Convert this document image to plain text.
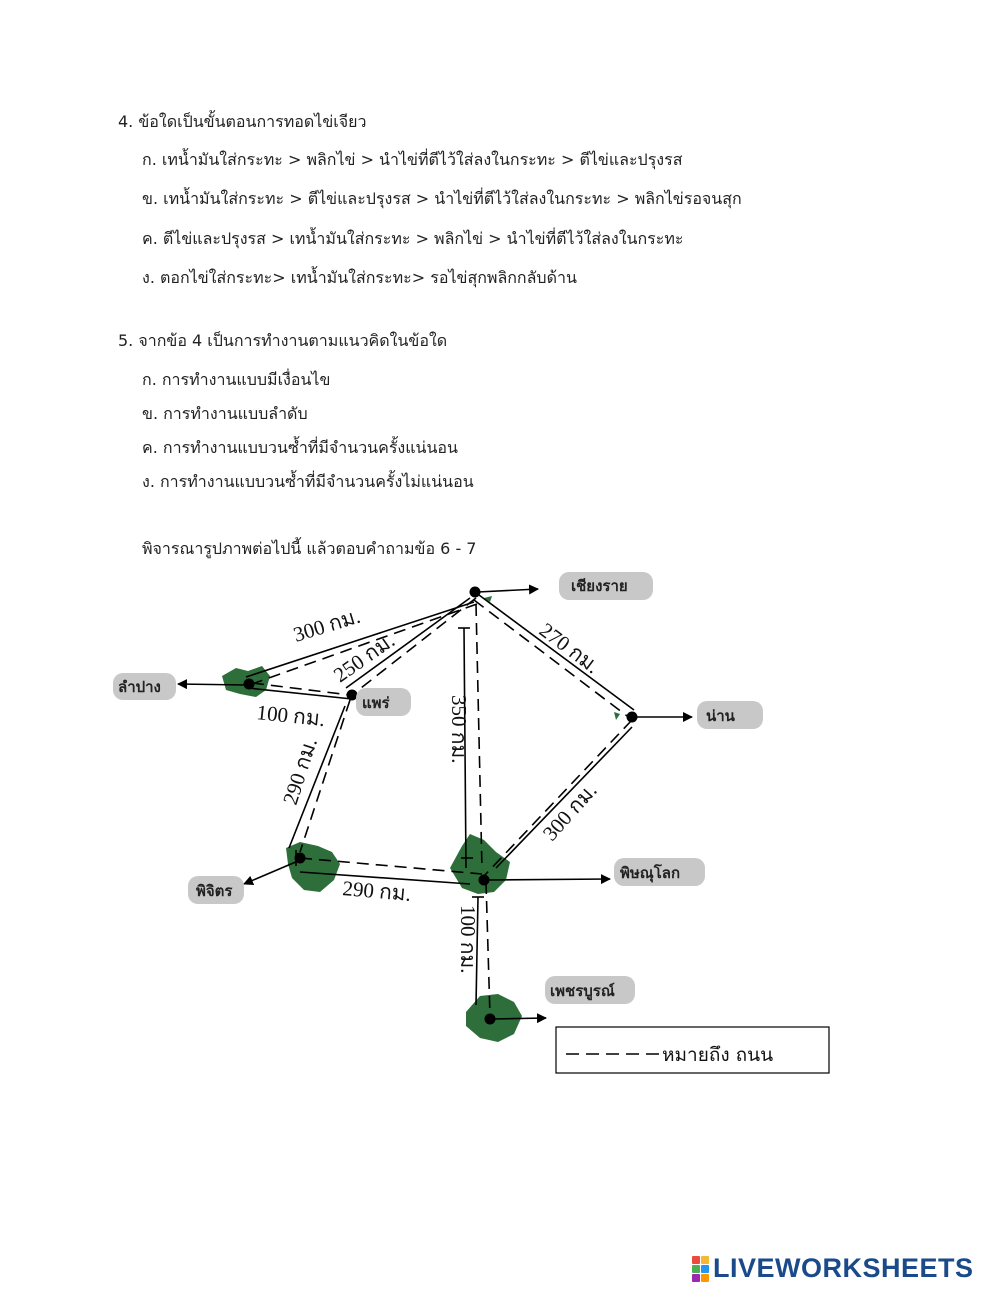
4. ข้อใดเป็นขั้นตอนการทอดไข่เจียว
ก. เทน้ำมันใส่กระทะ > พลิกไข่ > นำไข่ที่ตีไว้ใส่ลงในกระทะ > ตีไข่และปรุงรส
ข. เทน้ำมันใส่กระทะ > ตีไข่และปรุงรส > นำไข่ที่ตีไว้ใส่ลงในกระทะ > พลิกไข่รอจนสุก
ค. ตีไข่และปรุงรส > เทน้ำมันใส่กระทะ > พลิกไข่ > นำไข่ที่ตีไว้ใส่ลงในกระทะ
ง. ตอกไข่ใส่กระทะ> เทน้ำมันใส่กระทะ> รอไข่สุกพลิกกลับด้าน
5. จากข้อ 4 เป็นการทำงานตามแนวคิดในข้อใด
ก. การทำงานแบบมีเงื่อนไข
ข. การทำงานแบบลำดับ
ค. การทำงานแบบวนซ้ำที่มีจำนวนครั้งแน่นอน
ง. การทำงานแบบวนซ้ำที่มีจำนวนครั้งไม่แน่นอน
พิจารณารูปภาพต่อไปนี้ แล้วตอบคำถามข้อ 6 - 7
เชียงราย
ลำปาง
แพร่
น่าน
พิจิตร
พิษณุโลก
เพชรบูรณ์
300 กม.
250 กม.	270 กม.
100 กม.	350 กม.
290 กม.
300 กม.
290 กม.
100 กม.
หมายถึง ถนน
LIVEWORKSHEETS
